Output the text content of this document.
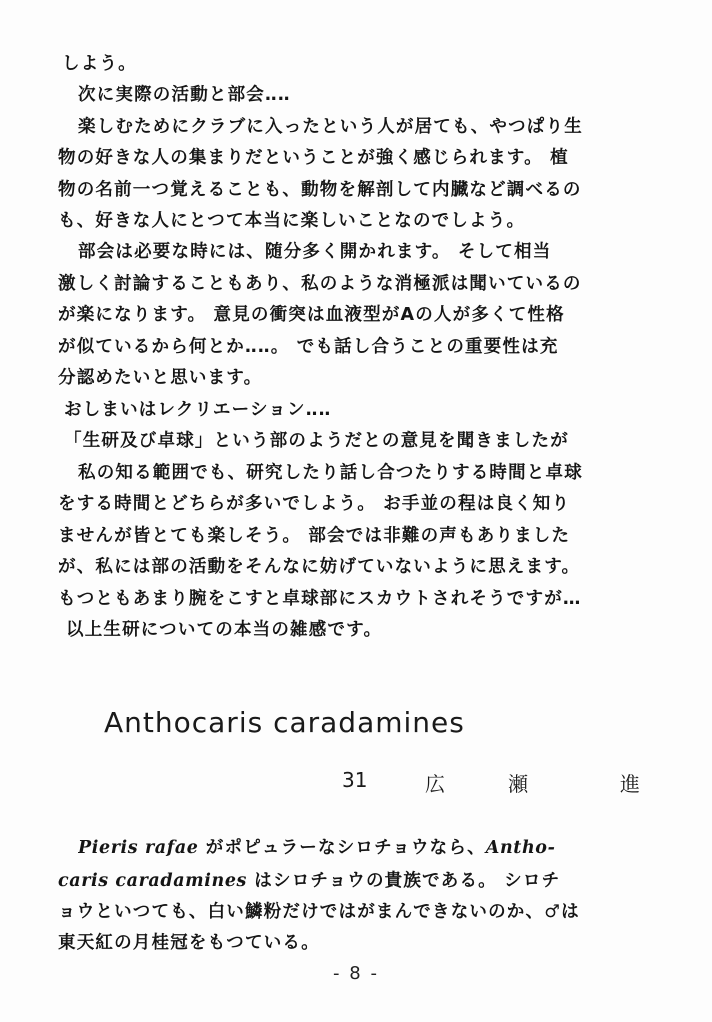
しよう。
次に実際の活動と部会‥‥
楽しむためにクラブに入ったという人が居ても、やつぱり生
物の好きな人の集まりだということが強く感じられます。 植
物の名前一つ覚えることも、動物を解剖して内臓など調べるの
も、好きな人にとつて本当に楽しいことなのでしよう。
部会は必要な時には、随分多く開かれます。 そして相当
激しく討論することもあり、私のような消極派は聞いているの
が楽になります。 意見の衝突は血液型がAの人が多くて性格
が似ているから何とか‥‥。 でも話し合うことの重要性は充
分認めたいと思います。
おしまいはレクリエーション‥‥
「生研及び卓球」という部のようだとの意見を聞きましたが
私の知る範囲でも、研究したり話し合つたりする時間と卓球
をする時間とどちらが多いでしよう。 お手並の程は良く知り
ませんが皆とても楽しそう。 部会では非難の声もありました
が、私には部の活動をそんなに妨げていないように思えます。
もつともあまり腕をこすと卓球部にスカウトされそうですが…
以上生研についての本当の雑感です。
Anthocaris caradamines
31	広	瀬	進
Pieris rafae がポピュラーなシロチョウなら、Antho-
caris caradamines はシロチョウの貴族である。 シロチ
ョウといつても、白い鱗粉だけではがまんできないのか、♂は
東天紅の月桂冠をもつている。
- 8 -
